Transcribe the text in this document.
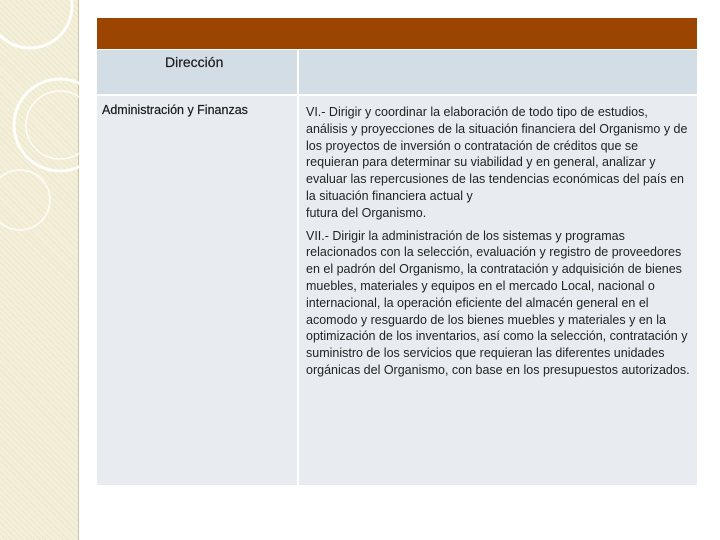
Dirección	

Administración y Finanzas	VI.- Dirigir y coordinar la elaboración de todo tipo de estudios, análisis y proyecciones de la situación financiera del Organismo y de los proyectos de inversión o contratación de créditos que se requieran para determinar su viabilidad y en general, analizar y evaluar las repercusiones de las tendencias económicas del país en la situación financiera actual y
futura del Organismo.

VII.- Dirigir la administración de los sistemas y programas relacionados con la selección, evaluación y registro de proveedores en el padrón del Organismo, la contratación y adquisición de bienes muebles, materiales y equipos en el mercado Local, nacional o internacional, la operación eficiente del almacén general en el acomodo y resguardo de los bienes muebles y materiales y en la optimización de los inventarios, así como la selección, contratación y suministro de los servicios que requieran las diferentes unidades orgánicas del Organismo, con base en los presupuestos autorizados.
